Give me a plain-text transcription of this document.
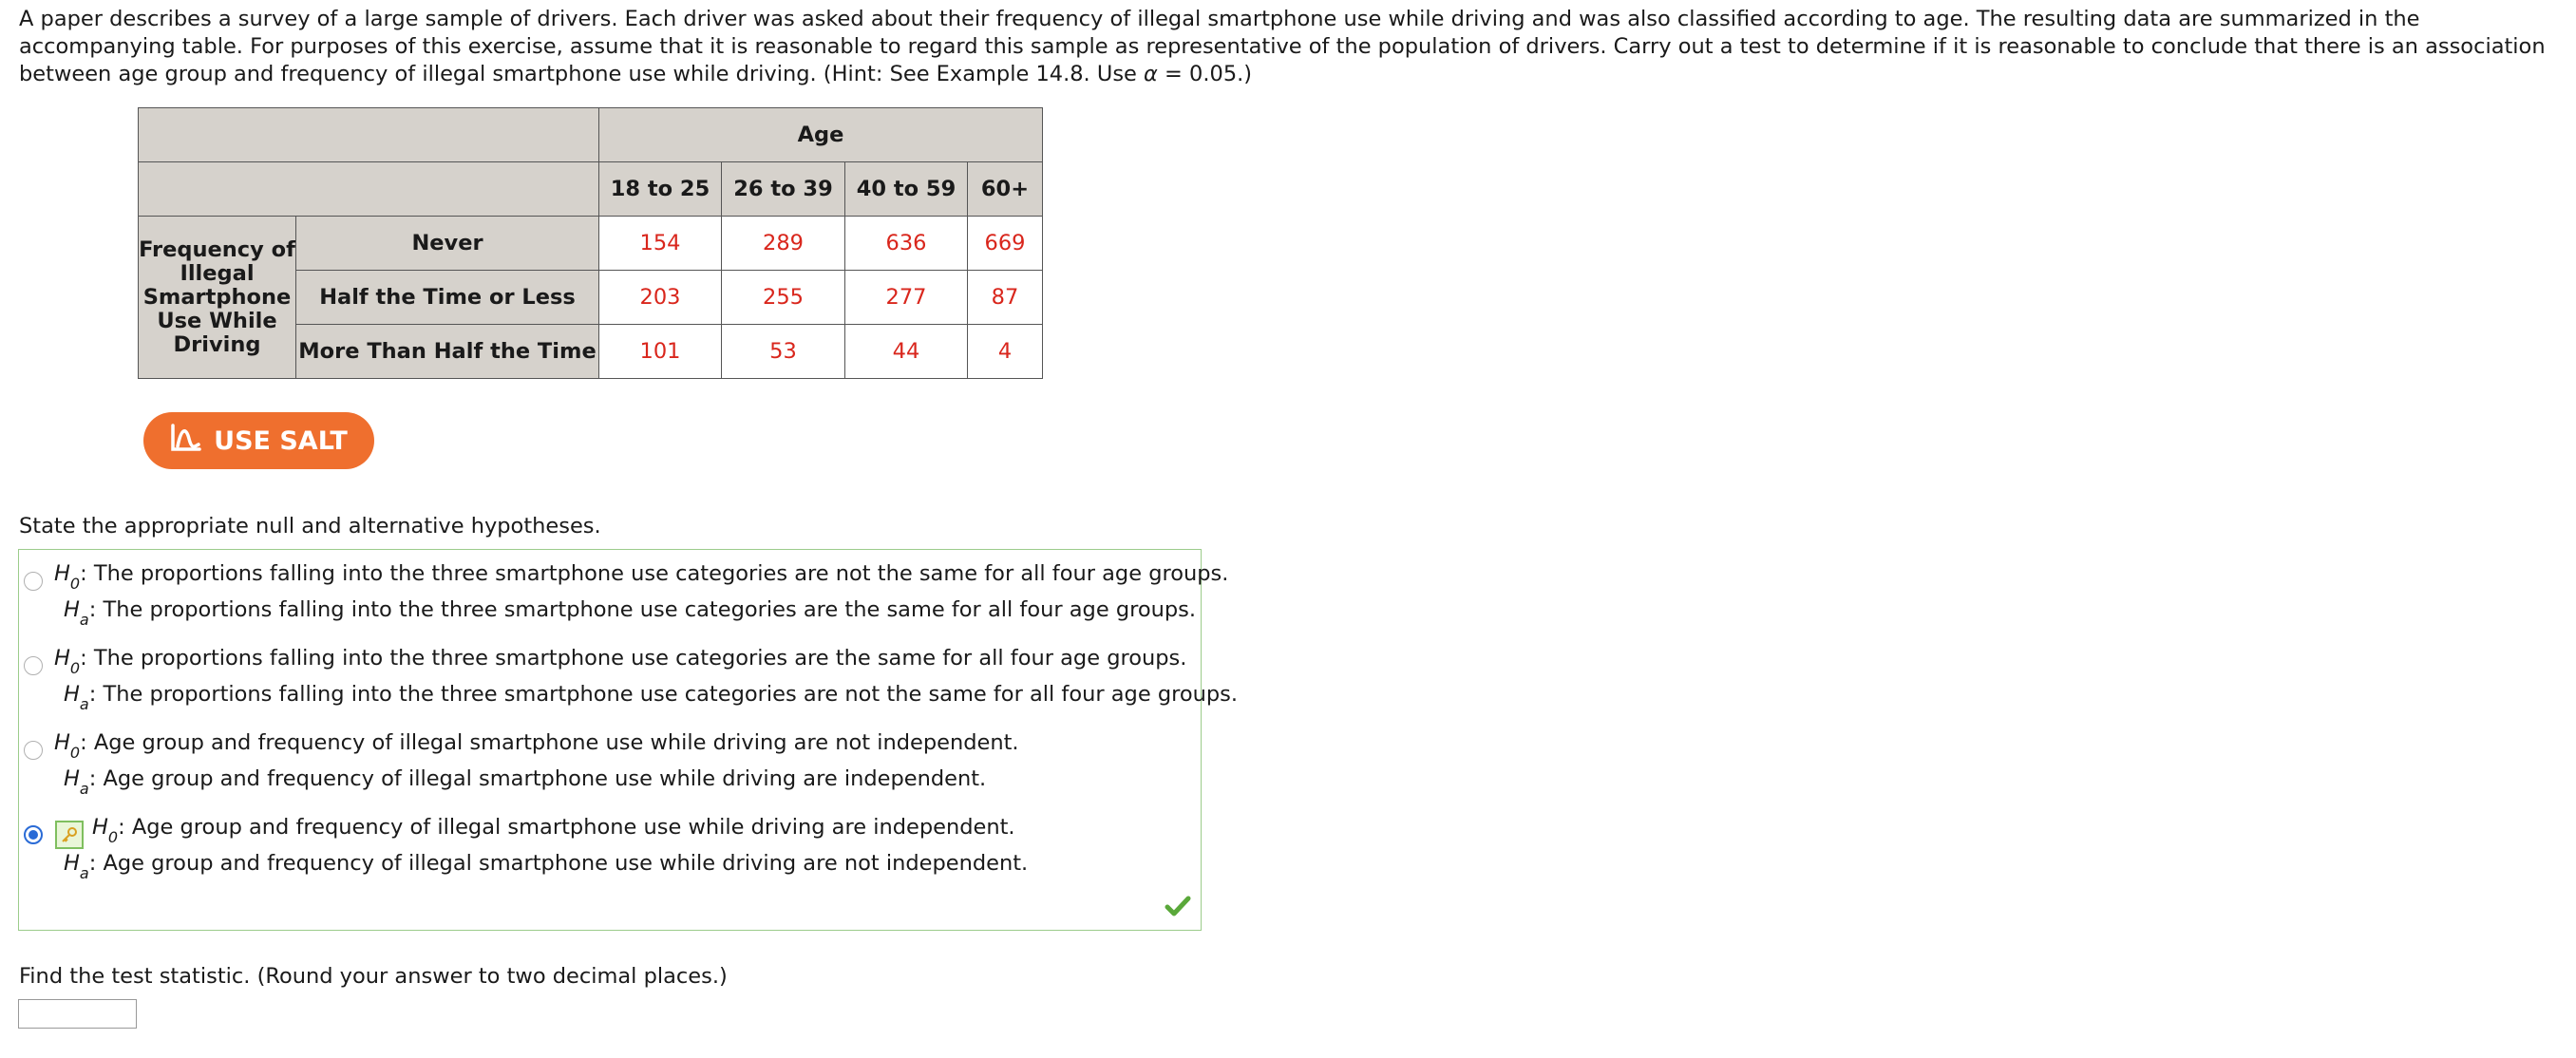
A paper describes a survey of a large sample of drivers. Each driver was asked about their frequency of illegal smartphone use while driving and was also classified according to age. The resulting data are summarized in the accompanying table. For purposes of this exercise, assume that it is reasonable to regard this sample as representative of the population of drivers. Carry out a test to determine if it is reasonable to conclude that there is an association between age group and frequency of illegal smartphone use while driving. (Hint: See Example 14.8. Use α = 0.05.)
		Age			
		18 to 25	26 to 39	40 to 59	60+
Frequency of Illegal Smartphone Use While Driving	Never	154	289	636	669
	Half the Time or Less	203	255	277	87
	More Than Half the Time	101	53	44	4
USE SALT
State the appropriate null and alternative hypotheses.
$H_0$: The proportions falling into the three smartphone use categories are not the same for all four age groups.
$H_a$: The proportions falling into the three smartphone use categories are the same for all four age groups.
$H_0$: The proportions falling into the three smartphone use categories are the same for all four age groups.
$H_a$: The proportions falling into the three smartphone use categories are not the same for all four age groups.
$H_0$: Age group and frequency of illegal smartphone use while driving are not independent.
$H_a$: Age group and frequency of illegal smartphone use while driving are independent.
$H_0$: Age group and frequency of illegal smartphone use while driving are independent.
$H_a$: Age group and frequency of illegal smartphone use while driving are not independent.
Find the test statistic. (Round your answer to two decimal places.)
